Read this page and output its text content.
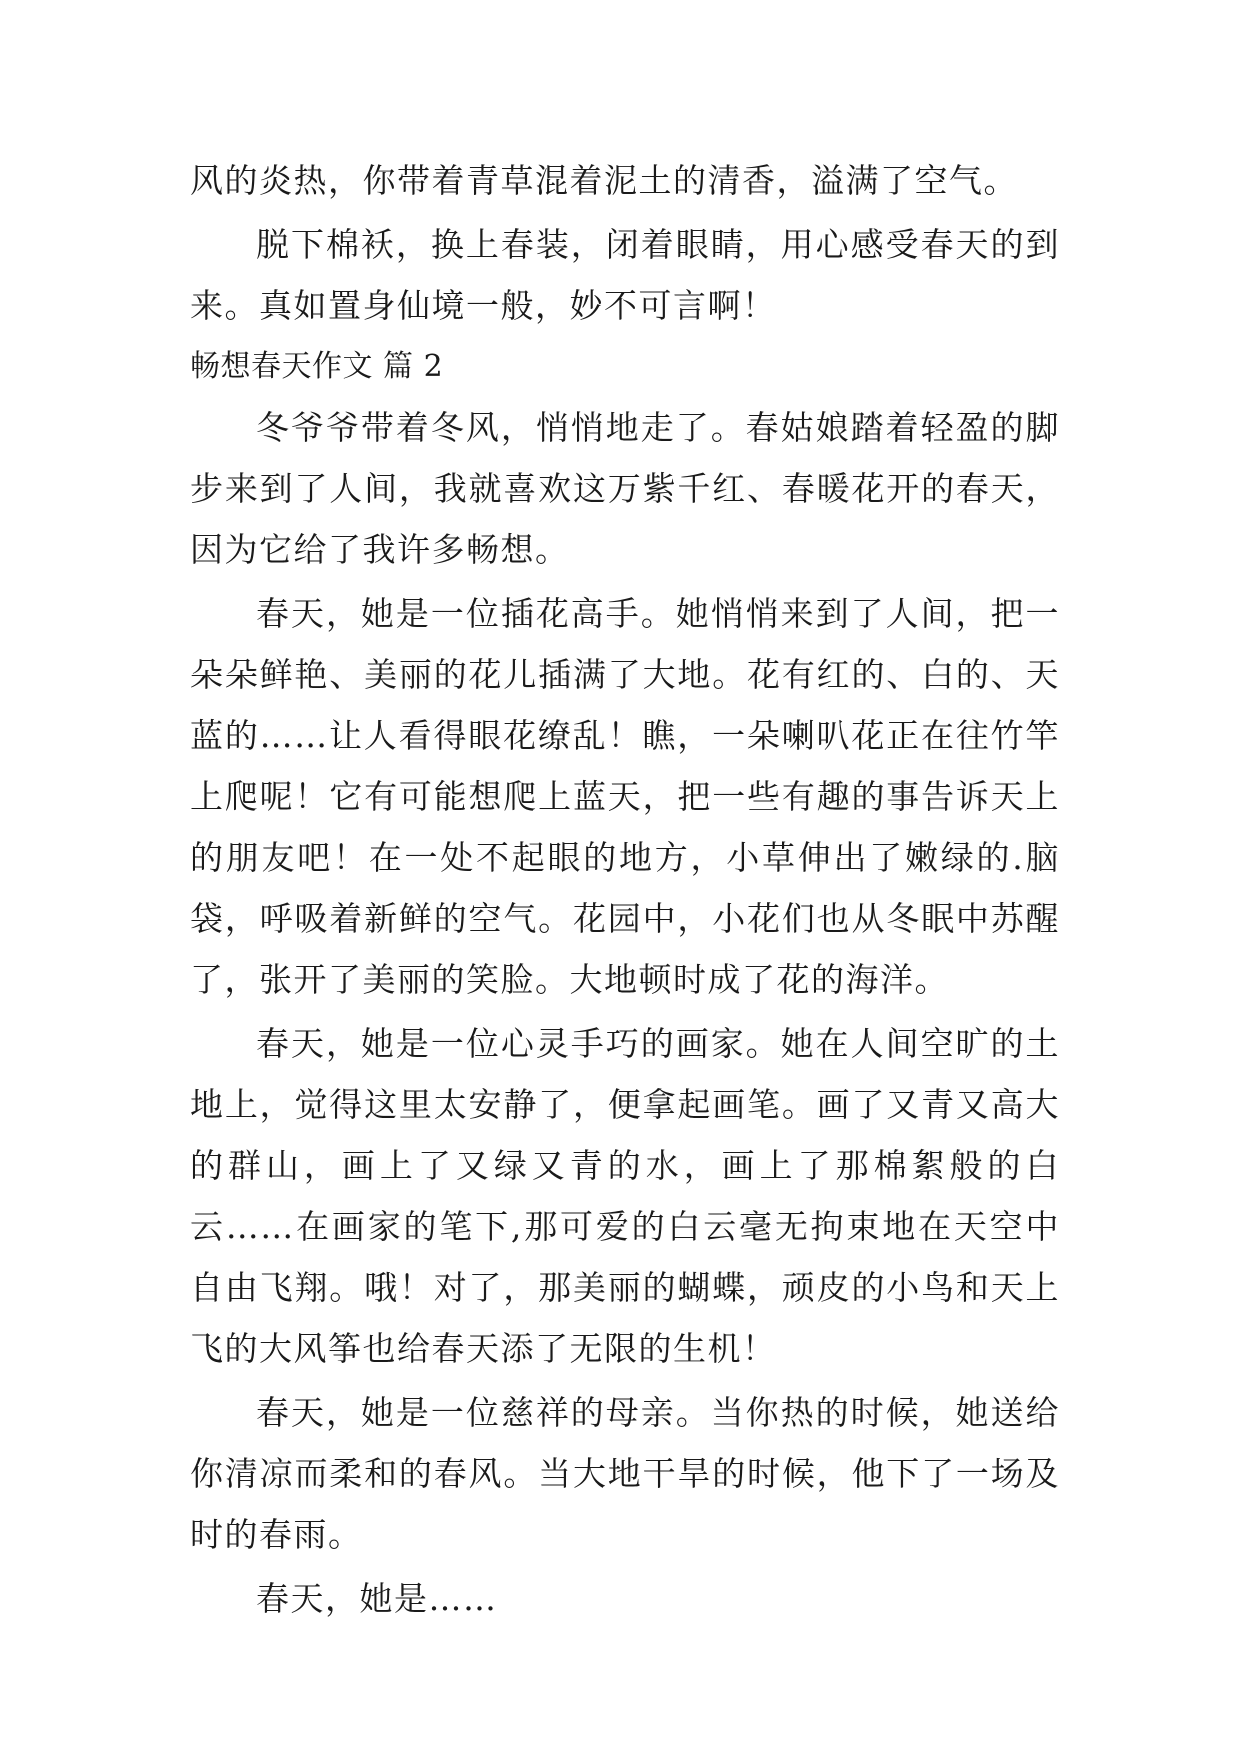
风的炎热，你带着青草混着泥土的清香，溢满了空气。

脱下棉袄，换上春装，闭着眼睛，用心感受春天的到来。真如置身仙境一般，妙不可言啊！

畅想春天作文 篇 2

冬爷爷带着冬风，悄悄地走了。春姑娘踏着轻盈的脚步来到了人间，我就喜欢这万紫千红、春暖花开的春天，因为它给了我许多畅想。

春天，她是一位插花高手。她悄悄来到了人间，把一朵朵鲜艳、美丽的花儿插满了大地。花有红的、白的、天蓝的……让人看得眼花缭乱！瞧，一朵喇叭花正在往竹竿上爬呢！它有可能想爬上蓝天，把一些有趣的事告诉天上的朋友吧！在一处不起眼的地方，小草伸出了嫩绿的.脑袋，呼吸着新鲜的空气。花园中，小花们也从冬眠中苏醒了，张开了美丽的笑脸。大地顿时成了花的海洋。

春天，她是一位心灵手巧的画家。她在人间空旷的土地上，觉得这里太安静了，便拿起画笔。画了又青又高大的群山，画上了又绿又青的水，画上了那棉絮般的白云……在画家的笔下,那可爱的白云毫无拘束地在天空中自由飞翔。哦！对了，那美丽的蝴蝶，顽皮的小鸟和天上飞的大风筝也给春天添了无限的生机！

春天，她是一位慈祥的母亲。当你热的时候，她送给你清凉而柔和的春风。当大地干旱的时候，他下了一场及时的春雨。

春天，她是……
